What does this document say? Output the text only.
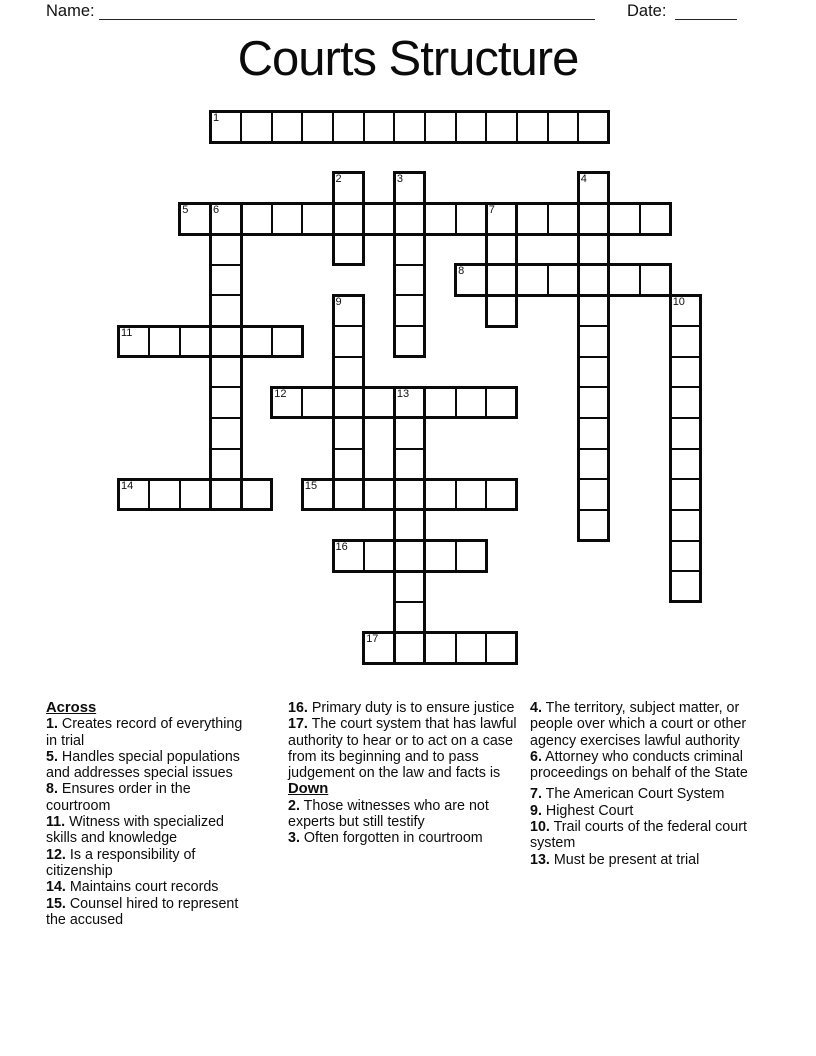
Name:	Date:
Courts Structure
1
2	3	4
5 6	7
8
9	10
11
12	13
14	15
16
17
Across
1. Creates record of everything in trial
5. Handles special populations and addresses special issues
8. Ensures order in the courtroom
11. Witness with specialized skills and knowledge
12. Is a responsibility of citizenship
14. Maintains court records
15. Counsel hired to represent the accused
16. Primary duty is to ensure justice
17. The court system that has lawful authority to hear or to act on a case from its beginning and to pass judgement on the law and facts is
Down
2. Those witnesses who are not experts but still testify
3. Often forgotten in courtroom
4. The territory, subject matter, or people over which a court or other agency exercises lawful authority
6. Attorney who conducts criminal proceedings on behalf of the State
7. The American Court System
9. Highest Court
10. Trail courts of the federal court system
13. Must be present at trial
